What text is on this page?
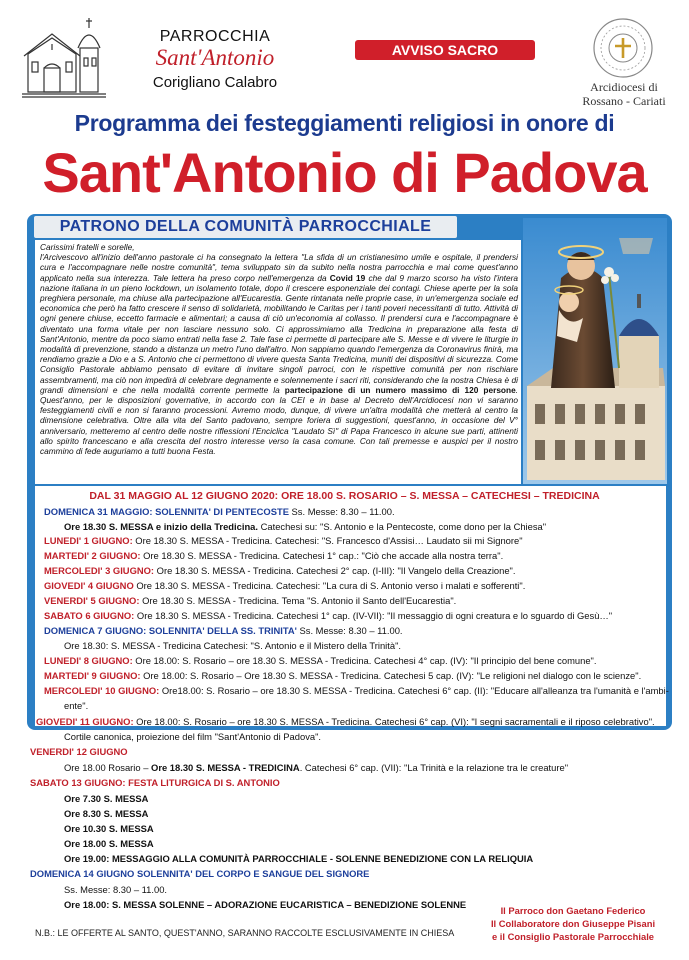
PARROCCHIA
Sant'Antonio
Corigliano Calabro
AVVISO SACRO
Arcidiocesi di
Rossano - Cariati
Programma dei festeggiamenti religiosi in onore di
Sant'Antonio di Padova
PATRONO DELLA COMUNITÀ PARROCCHIALE
Carissimi fratelli e sorelle,
l'Arcivescovo all'inizio dell'anno pastorale ci ha consegnato la lettera "La sfida di un cristianesimo umile e ospitale, il prendersi cura e l'accompagnare nelle nostre comunità", tema sviluppato sin da subito nella nostra parrocchia e mai come quest'anno applicato nella sua interezza. Tale lettera ha preso corpo nell'emergenza da Covid 19 che dal 9 marzo scorso ha visto l'intera nazione italiana in un pieno lockdown, un isolamento totale, dopo il crescere esponenziale dei contagi. Chiese aperte per la sola preghiera personale, ma chiuse alla partecipazione all'Eucarestia. Gente rintanata nelle proprie case, in un'emergenza sociale ed economica che però ha fatto crescere il senso di solidarietà, mobilitando le Caritas per i tanti poveri necessitanti di tutto. Attività di ogni genere chiuse, eccetto farmacie e alimentari; a causa di ciò un'economia al collasso. Il prendersi cura e l'accompagnare è diventato una forma vitale per non lasciare nessuno solo. Ci approssimiamo alla Tredicina in preparazione alla festa di Sant'Antonio, mentre da poco siamo entrati nella fase 2. Tale fase ci permette di partecipare alle S. Messe e di vivere le liturgie in modalità di prevenzione, stando a distanza un metro l'uno dall'altro. Non sappiamo quando l'emergenza da Coronavirus finirà, ma rendiamo grazie a Dio e a S. Antonio che ci permettono di vivere questa Santa Tredicina, muniti dei dispositivi di sicurezza. Come Consiglio Pastorale abbiamo pensato di evitare di invitare singoli parroci, con le rispettive comunità per non rischiare assembramenti, ma ciò non impedirà di celebrare degnamente e solennemente i sacri riti, considerando che la nostra Chiesa è di grandi dimensioni e che nella modalità corrente permette la partecipazione di un numero massimo di 120 persone. Quest'anno, per le disposizioni governative, in accordo con la CEI e in base al Decreto dell'Arcidiocesi non vi saranno festeggiamenti civili e non si faranno processioni. Avremo modo, dunque, di vivere un'altra modalità che metterà al centro la dimensione celebrativa. Oltre alla vita del Santo padovano, sempre foriera di suggestioni, quest'anno, in occasione del V° anniversario, metteremo al centro delle nostre riflessioni l'Enciclica "Laudato Sì" di Papa Francesco in alcune sue parti, attinenti allo spirito francescano e alla crescita del nostro interesse verso la casa comune. Con tali premesse e auspici per il nostro cammino di fede auguriamo a tutti buona Festa.
DAL 31 MAGGIO AL 12 GIUGNO 2020: ORE 18.00 S. ROSARIO – S. MESSA – CATECHESI – TREDICINA
DOMENICA 31 MAGGIO: SOLENNITA' DI PENTECOSTE Ss. Messe: 8.30 – 11.00.
Ore 18.30 S. MESSA e inizio della Tredicina. Catechesi su: "S. Antonio e la Pentecoste, come dono per la Chiesa"
LUNEDI' 1 GIUGNO: Ore 18.30 S. MESSA - Tredicina. Catechesi: "S. Francesco d'Assisi… Laudato sii mi Signore"
MARTEDI' 2 GIUGNO: Ore 18.30 S. MESSA - Tredicina. Catechesi 1° cap.: "Ciò che accade alla nostra terra".
MERCOLEDI' 3 GIUGNO: Ore 18.30 S. MESSA - Tredicina. Catechesi 2° cap. (I-III): "Il Vangelo della Creazione".
GIOVEDI' 4 GIUGNO Ore 18.30 S. MESSA - Tredicina. Catechesi: "La cura di S. Antonio verso i malati e sofferenti".
VENERDI' 5 GIUGNO: Ore 18.30 S. MESSA - Tredicina. Tema "S. Antonio il Santo dell'Eucarestia".
SABATO 6 GIUGNO: Ore 18.30 S. MESSA - Tredicina. Catechesi 1° cap. (IV-VII): "Il messaggio di ogni creatura e lo sguardo di Gesù…"
DOMENICA 7 GIUGNO: SOLENNITA' DELLA SS. TRINITA' Ss. Messe: 8.30 – 11.00.
Ore 18.30: S. MESSA - Tredicina Catechesi: "S. Antonio e il Mistero della Trinità".
LUNEDI' 8 GIUGNO: Ore 18.00: S. Rosario – ore 18.30 S. MESSA - Tredicina. Catechesi 4° cap. (IV): "Il principio del bene comune".
MARTEDI' 9 GIUGNO: Ore 18.00: S. Rosario – Ore 18.30 S. MESSA - Tredicina. Catechesi 5 cap. (IV): "Le religioni nel dialogo con le scienze".
MERCOLEDI' 10 GIUGNO: Ore18.00: S. Rosario – ore 18.30 S. MESSA - Tredicina. Catechesi 6° cap. (II): "Educare all'alleanza tra l'umanità e l'ambi-
ente".
GIOVEDI' 11 GIUGNO: Ore 18.00: S. Rosario – ore 18.30 S. MESSA - Tredicina. Catechesi 6° cap. (VI): "I segni sacramentali e il riposo celebrativo".
Cortile canonica, proiezione del film "Sant'Antonio di Padova".
VENERDI' 12 GIUGNO
Ore 18.00 Rosario – Ore 18.30 S. MESSA - TREDICINA. Catechesi 6° cap. (VII): "La Trinità e la relazione tra le creature"
SABATO 13 GIUGNO: FESTA LITURGICA DI S. ANTONIO
Ore 7.30 S. MESSA
Ore 8.30 S. MESSA
Ore 10.30 S. MESSA
Ore 18.00 S. MESSA
Ore 19.00: MESSAGGIO ALLA COMUNITÀ PARROCCHIALE - SOLENNE BENEDIZIONE CON LA RELIQUIA
DOMENICA 14 GIUGNO SOLENNITA' DEL CORPO E SANGUE DEL SIGNORE
Ss. Messe: 8.30 – 11.00.
Ore 18.00: S. MESSA SOLENNE – ADORAZIONE EUCARISTICA – BENEDIZIONE SOLENNE
Il Parroco don Gaetano Federico
Il Collaboratore don Giuseppe Pisani
e il Consiglio Pastorale Parrocchiale
N.B.: LE OFFERTE AL SANTO, QUEST'ANNO, SARANNO RACCOLTE ESCLUSIVAMENTE IN CHIESA
